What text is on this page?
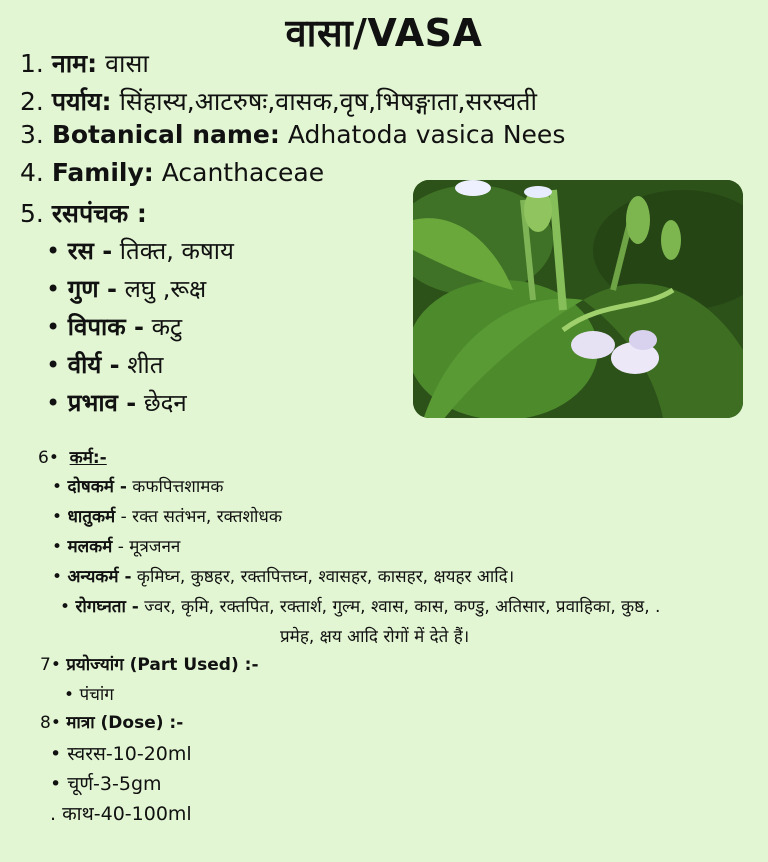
वासा/VASA
1. नाम: वासा
2. पर्याय: सिंहास्य,आटरुषः,वासक,वृष,भिषङ्गाता,सरस्वती
3. Botanical name: Adhatoda vasica Nees
4. Family: Acanthaceae
5. रसपंचक :
• रस - तिक्त, कषाय
• गुण - लघु ,रूक्ष
• विपाक - कटु
• वीर्य - शीत
• प्रभाव - छेदन
6• कर्म:-
• दोषकर्म - कफपित्तशामक
• धातुकर्म - रक्त सतंभन, रक्तशोधक
• मलकर्म - मूत्रजनन
• अन्यकर्म - कृमिघ्न, कुष्ठहर, रक्तपित्तघ्न, श्वासहर, कासहर, क्षयहर आदि।
• रोगघ्नता - ज्वर, कृमि, रक्तपित, रक्तार्श, गुल्म, श्वास, कास, कण्डु, अतिसार, प्रवाहिका, कुष्ठ, .
प्रमेह, क्षय आदि रोगों में देते हैं।
7• प्रयोज्यांग (Part Used) :-
• पंचांग
8• मात्रा (Dose) :-
• स्वरस-10-20ml
• चूर्ण-3-5gm
. काथ-40-100ml
